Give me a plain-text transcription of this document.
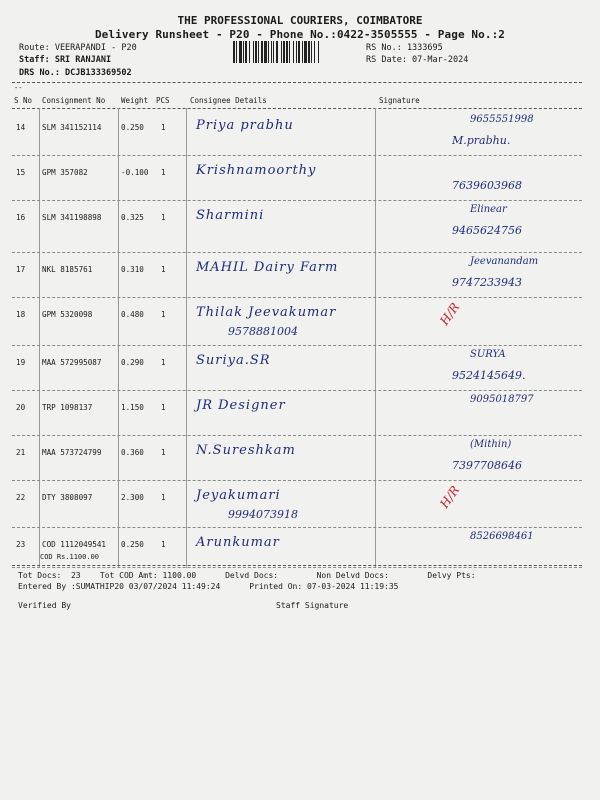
THE PROFESSIONAL COURIERS, COIMBATORE
Delivery Runsheet - P20 - Phone No.:0422-3505555 - Page No.:2
Route: VEERAPANDI - P20
Staff: SRI RANJANI
DRS No.: DCJB133369502
RS No.: 1333695
RS Date: 07-Mar-2024
--
S No Consignment No Weight PCS	Consignee Details	Signature
14 SLM 341152114	0.250 1 Priya prabhu	9655551998
M.prabhu.
15 GPM 357082	-0.100 1 Krishnamoorthy
7639603968
16 SLM 341198898	0.325 1 Sharmini	Elinear
9465624756
17 NKL 8185761	0.310 1 MAHIL Dairy Farm	Jeevanandam
9747233943
18 GPM 5320098	0.480 1 Thilak Jeevakumar
9578881004
H/R
19 MAA 572995087	0.290 1 Suriya.SR	SURYA
9524145649.
20 TRP 1098137	1.150 1 JR Designer	9095018797
21 MAA 573724799	0.360 1 N.Sureshkam	(Mithin)
7397708646
22 DTY 3808097	2.300 1 Jeyakumari
9994073918
H/R
23 COD 1112049541 0.250 1 Arunkumar	8526698461
COD Rs.1100.00
Tot Docs:  23    Tot COD Amt: 1100.00      Delvd Docs:        Non Delvd Docs:        Delvy Pts:
Entered By :SUMATHIP20 03/07/2024 11:49:24      Printed On: 07-03-2024 11:19:35
Verified By	Staff Signature
